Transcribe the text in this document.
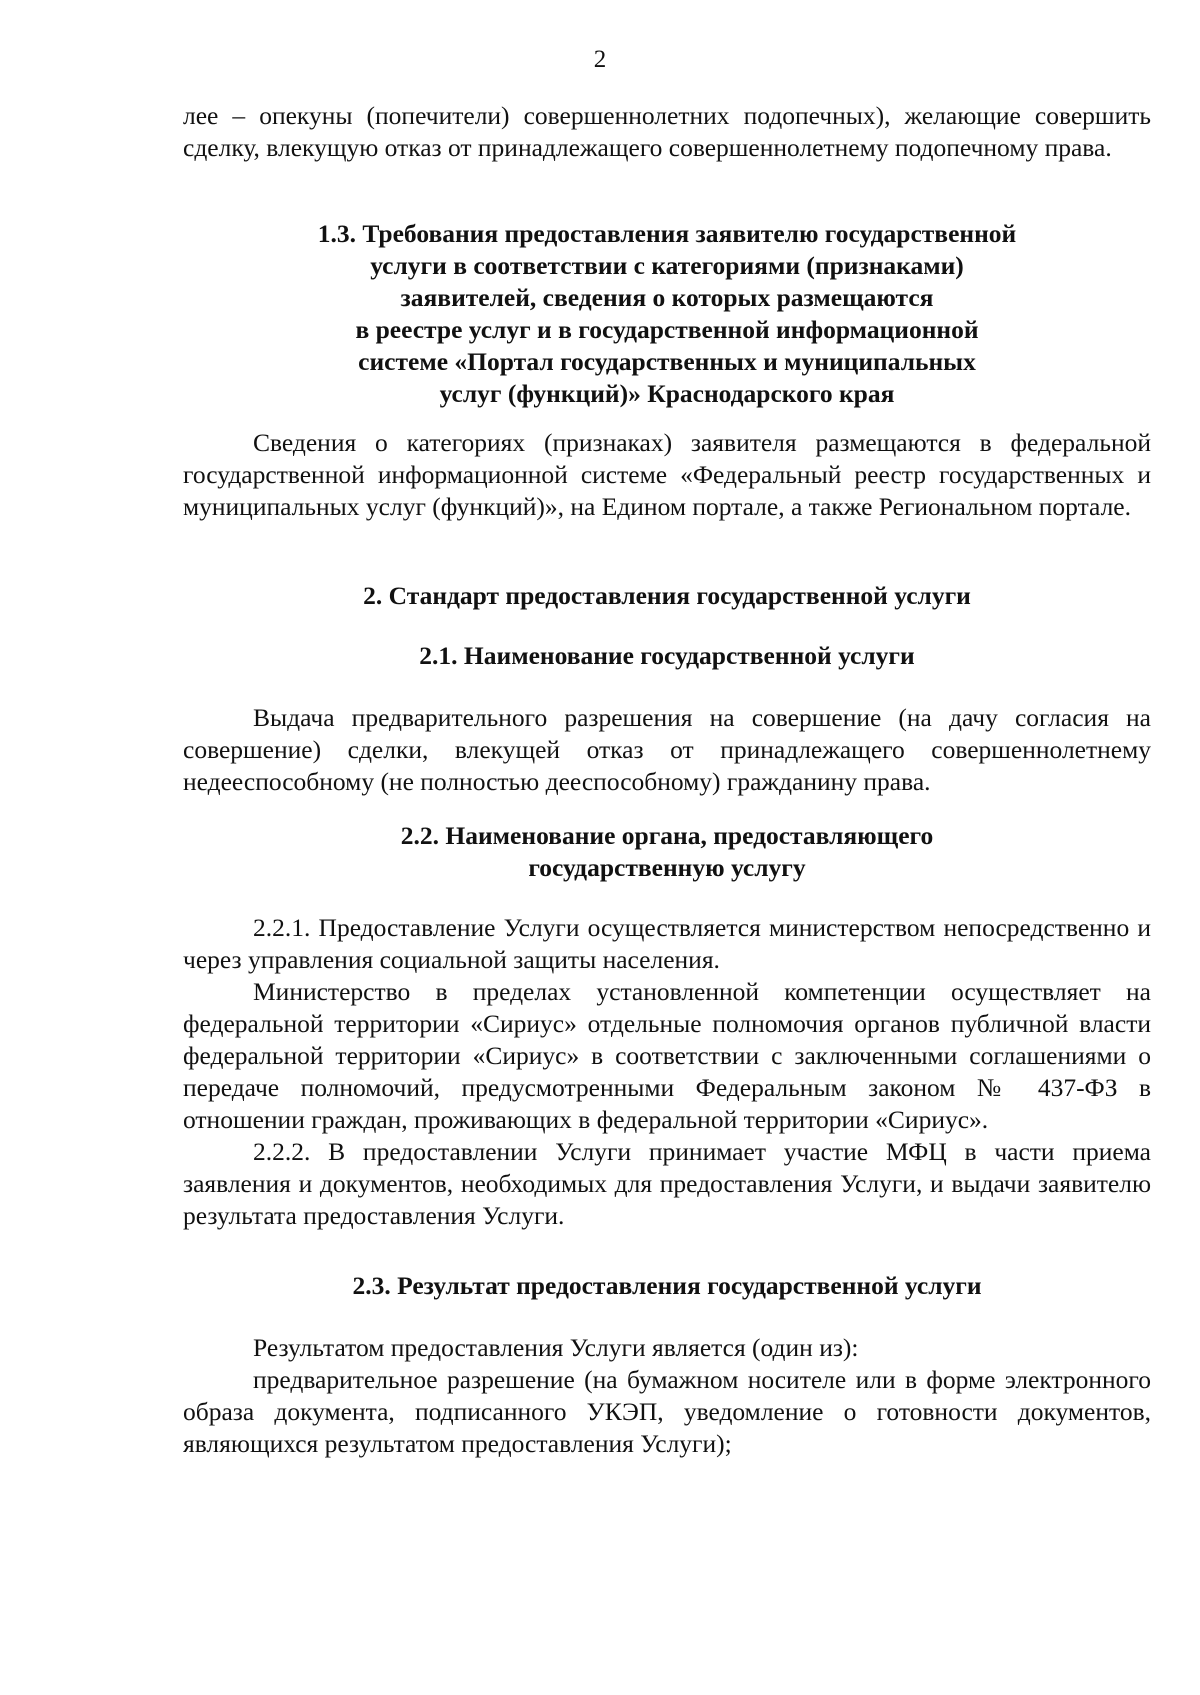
2

лее – опекуны (попечители) совершеннолетних подопечных), желающие совершить сделку, влекущую отказ от принадлежащего совершеннолетнему подопечному права.

1.3. Требования предоставления заявителю государственной
услуги в соответствии с категориями (признаками)
заявителей, сведения о которых размещаются
в реестре услуг и в государственной информационной
системе «Портал государственных и муниципальных
услуг (функций)» Краснодарского края

Сведения о категориях (признаках) заявителя размещаются в федеральной государственной информационной системе «Федеральный реестр государственных и муниципальных услуг (функций)», на Едином портале, а также Региональном портале.

2. Стандарт предоставления государственной услуги
2.1. Наименование государственной услуги

Выдача предварительного разрешения на совершение (на дачу согласия на совершение) сделки, влекущей отказ от принадлежащего совершеннолетнему недееспособному (не полностью дееспособному) гражданину права.

2.2. Наименование органа, предоставляющего
государственную услугу

2.2.1. Предоставление Услуги осуществляется министерством непосредственно и через управления социальной защиты населения.

Министерство в пределах установленной компетенции осуществляет на федеральной территории «Сириус» отдельные полномочия органов публичной власти федеральной территории «Сириус» в соответствии с заключенными соглашениями о передаче полномочий, предусмотренными Федеральным законом № 437-ФЗ в отношении граждан, проживающих в федеральной территории «Сириус».

2.2.2. В предоставлении Услуги принимает участие МФЦ в части приема заявления и документов, необходимых для предоставления Услуги, и выдачи заявителю результата предоставления Услуги.

2.3. Результат предоставления государственной услуги

Результатом предоставления Услуги является (один из):

предварительное разрешение (на бумажном носителе или в форме электронного образа документа, подписанного УКЭП, уведомление о готовности документов, являющихся результатом предоставления Услуги);
